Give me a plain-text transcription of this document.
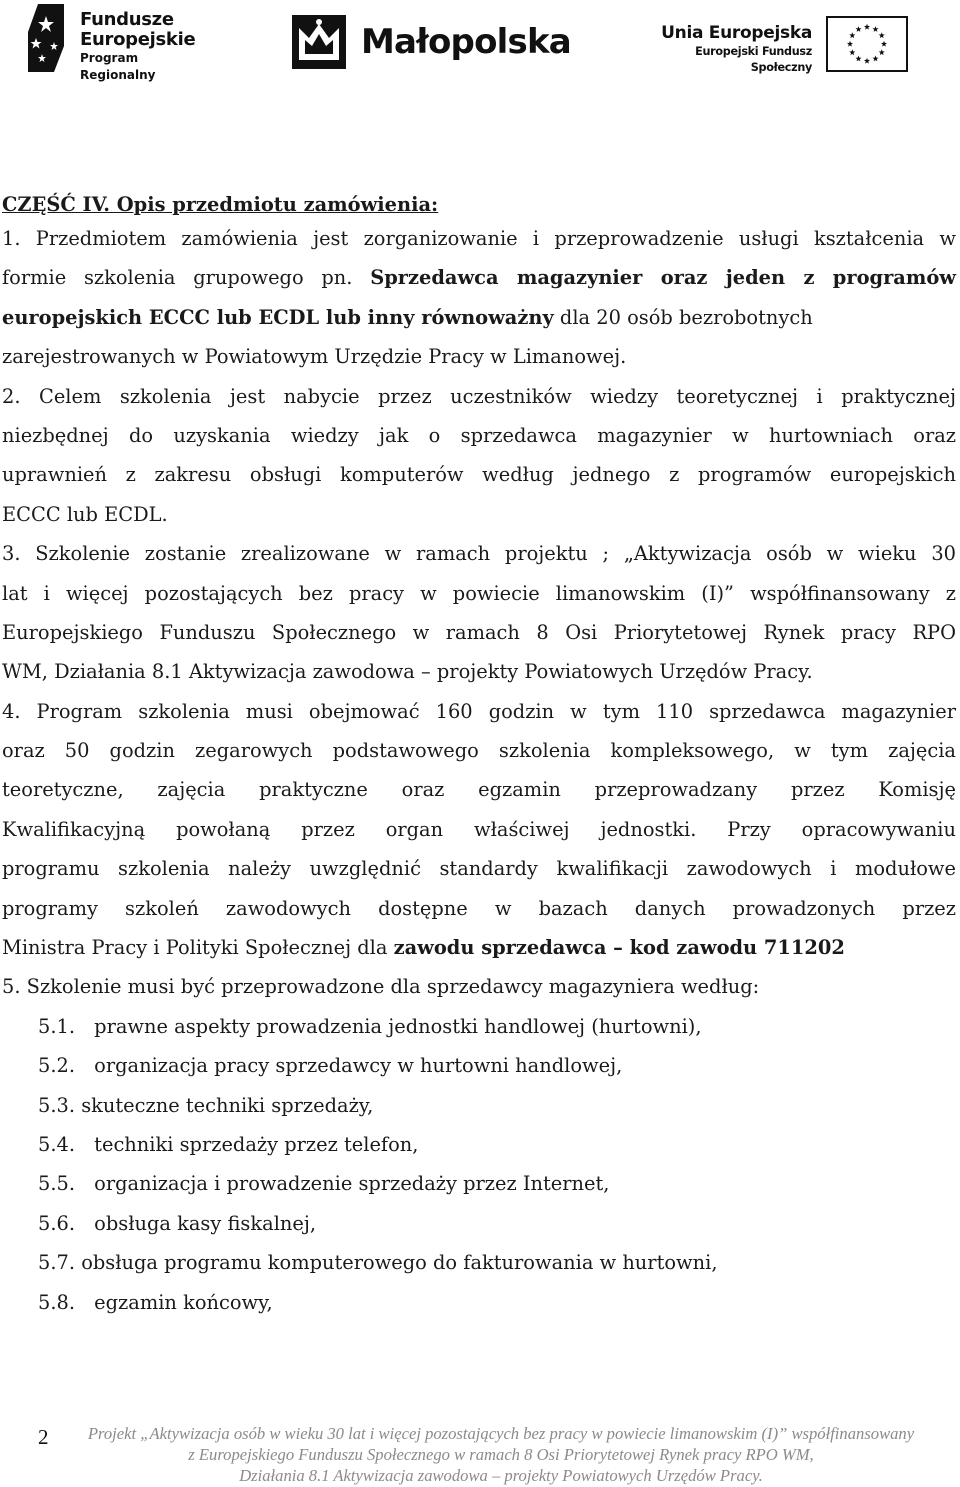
Fundusze
Europejskie
Program Regionalny
Małopolska	Unia Europejska
Europejski Fundusz Społeczny
CZĘŚĆ IV. Opis przedmiotu zamówienia:
1. Przedmiotem zamówienia jest zorganizowanie i przeprowadzenie usługi kształcenia w
formie szkolenia grupowego pn. Sprzedawca magazynier oraz jeden z programów
europejskich ECCC lub ECDL lub inny równoważny dla 20 osób bezrobotnych
zarejestrowanych w Powiatowym Urzędzie Pracy w Limanowej.
2. Celem szkolenia jest nabycie przez uczestników wiedzy teoretycznej i praktycznej
niezbędnej do uzyskania wiedzy jak o sprzedawca magazynier w hurtowniach oraz
uprawnień z zakresu obsługi komputerów według jednego z programów europejskich
ECCC lub ECDL.
3. Szkolenie zostanie zrealizowane w ramach projektu ; „Aktywizacja osób w wieku 30
lat i więcej pozostających bez pracy w powiecie limanowskim (I)” współfinansowany z
Europejskiego Funduszu Społecznego w ramach 8 Osi Priorytetowej Rynek pracy RPO
WM, Działania 8.1 Aktywizacja zawodowa – projekty Powiatowych Urzędów Pracy.
4. Program szkolenia musi obejmować 160 godzin w tym 110 sprzedawca magazynier
oraz 50 godzin zegarowych podstawowego szkolenia kompleksowego, w tym zajęcia
teoretyczne, zajęcia praktyczne oraz egzamin przeprowadzany przez Komisję
Kwalifikacyjną powołaną przez organ właściwej jednostki. Przy opracowywaniu
programu szkolenia należy uwzględnić standardy kwalifikacji zawodowych i modułowe
programy szkoleń zawodowych dostępne w bazach danych prowadzonych przez
Ministra Pracy i Polityki Społecznej dla zawodu sprzedawca – kod zawodu 711202
5. Szkolenie musi być przeprowadzone dla sprzedawcy magazyniera według:
5.1. prawne aspekty prowadzenia jednostki handlowej (hurtowni),
5.2. organizacja pracy sprzedawcy w hurtowni handlowej,
5.3. skuteczne techniki sprzedaży,
5.4. techniki sprzedaży przez telefon,
5.5. organizacja i prowadzenie sprzedaży przez Internet,
5.6. obsługa kasy fiskalnej,
5.7. obsługa programu komputerowego do fakturowania w hurtowni,
5.8. egzamin końcowy,
2	Projekt „Aktywizacja osób w wieku 30 lat i więcej pozostających bez pracy w powiecie limanowskim (I)” współfinansowany
z Europejskiego Funduszu Społecznego w ramach 8 Osi Priorytetowej Rynek pracy RPO WM,
Działania 8.1 Aktywizacja zawodowa – projekty Powiatowych Urzędów Pracy.
